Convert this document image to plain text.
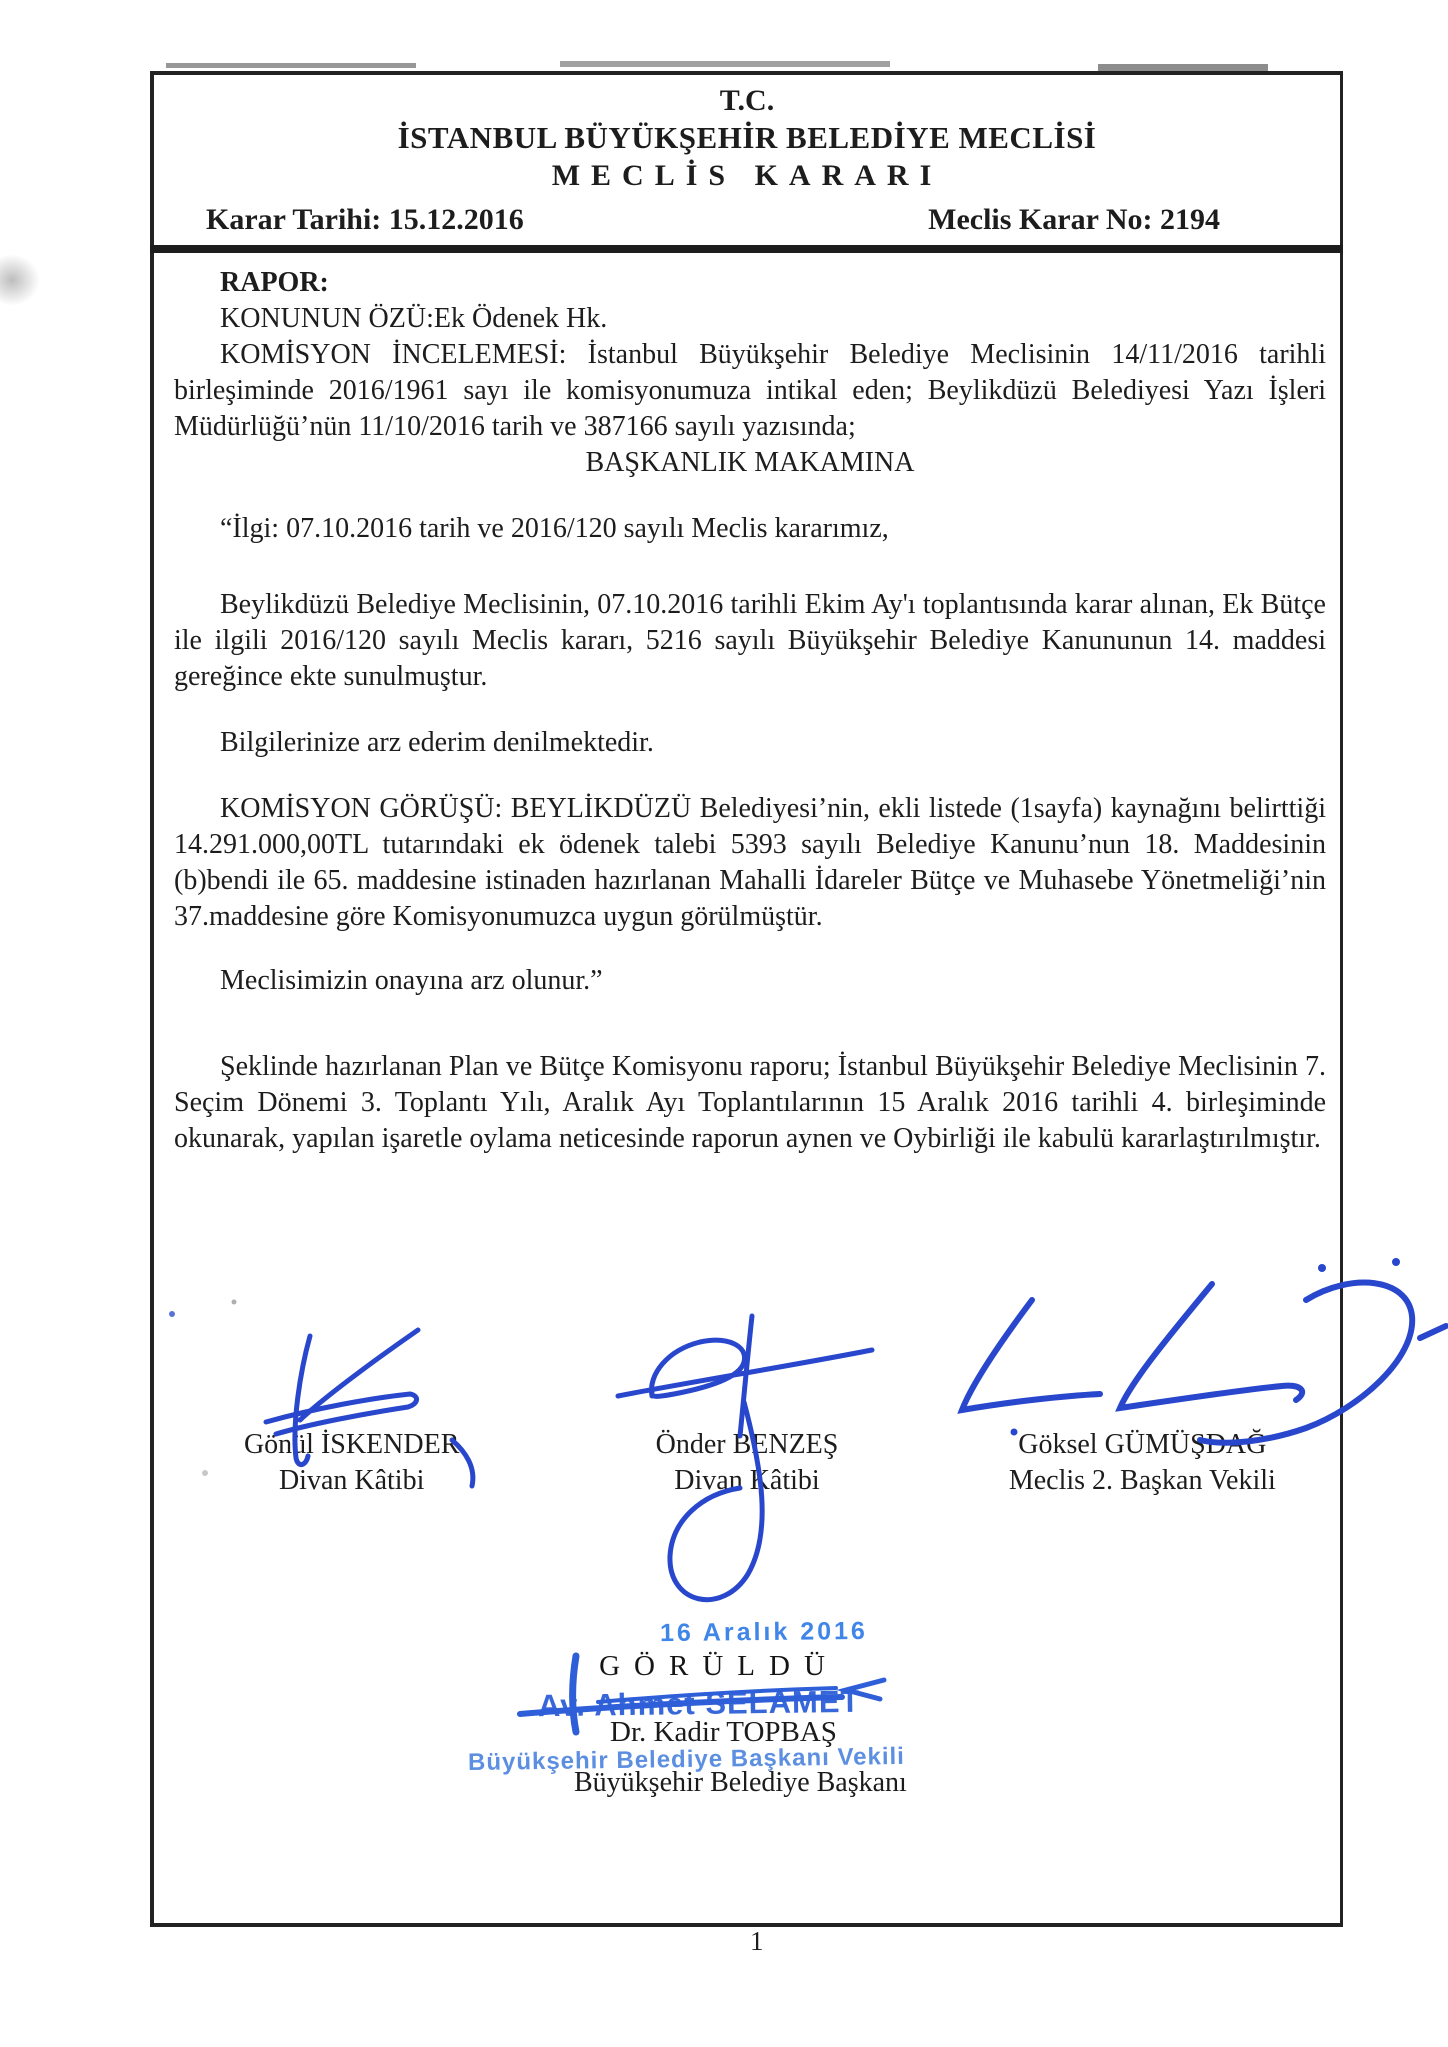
T.C.
İSTANBUL BÜYÜKŞEHİR BELEDİYE MECLİSİ
MECLİS KARARI
Karar Tarihi: 15.12.2016	Meclis Karar No: 2194

RAPOR:

KONUNUN ÖZÜ:Ek Ödenek Hk.

KOMİSYON İNCELEMESİ: İstanbul Büyükşehir Belediye Meclisinin 14/11/2016 tarihli birleşiminde 2016/1961 sayı ile komisyonumuza intikal eden; Beylikdüzü Belediyesi Yazı İşleri Müdürlüğü’nün 11/10/2016 tarih ve 387166 sayılı yazısında;

BAŞKANLIK MAKAMINA

“İlgi: 07.10.2016 tarih ve 2016/120 sayılı Meclis kararımız,

Beylikdüzü Belediye Meclisinin, 07.10.2016 tarihli Ekim Ay'ı toplantısında karar alınan, Ek Bütçe ile ilgili 2016/120 sayılı Meclis kararı, 5216 sayılı Büyükşehir Belediye Kanununun 14. maddesi gereğince ekte sunulmuştur.

Bilgilerinize arz ederim denilmektedir.

KOMİSYON GÖRÜŞÜ: BEYLİKDÜZÜ Belediyesi’nin, ekli listede (1sayfa) kaynağını belirttiği 14.291.000,00TL tutarındaki ek ödenek talebi 5393 sayılı Belediye Kanunu’nun 18. Maddesinin (b)bendi ile 65. maddesine istinaden hazırlanan Mahalli İdareler Bütçe ve Muhasebe Yönetmeliği’nin 37.maddesine göre Komisyonumuzca uygun görülmüştür.

Meclisimizin onayına arz olunur.”

Şeklinde hazırlanan Plan ve Bütçe Komisyonu raporu; İstanbul Büyükşehir Belediye Meclisinin 7. Seçim Dönemi 3. Toplantı Yılı, Aralık Ayı Toplantılarının 15 Aralık 2016 tarihli 4. birleşiminde okunarak, yapılan işaretle oylama neticesinde raporun aynen ve Oybirliği ile kabulü kararlaştırılmıştır.

Gönül İSKENDER
Divan Kâtibi
Önder BENZEŞ
Divan Kâtibi
Göksel GÜMÜŞDAĞ
Meclis 2. Başkan Vekili
16 Aralık 2016
GÖRÜLDÜ
Av. Ahmet SELAMET
Dr. Kadir TOPBAŞ
Büyükşehir Belediye Başkanı Vekili
Büyükşehir Belediye Başkanı
1
